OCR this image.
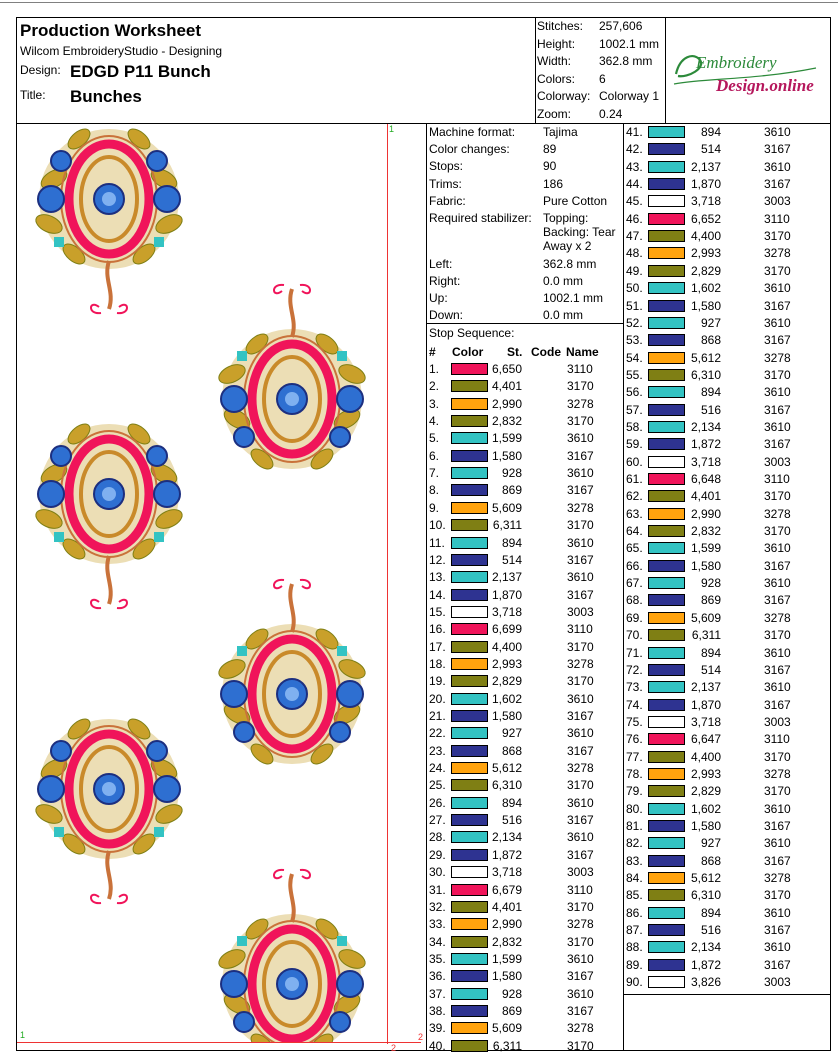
Production Worksheet
Wilcom EmbroideryStudio - Designing
Design: EDGD P11 Bunch
Title: Bunches
Stitches: 257,606
Height: 1002.1 mm
Width: 362.8 mm
Colors: 6
Colorway: Colorway 1
Zoom: 0.24
Embroidery
Design.online
1
1
2
2
Machine format: Tajima
Color changes:	89
Stops:	90
Trims:	186
Fabric:	Pure Cotton
Required stabilizer: Topping:
Backing: Tear Away x 2
Left:	362.8 mm
Right:	0.0 mm
Up:	1002.1 mm
Down:	0.0 mm
Stop Sequence:
# Color St. Code Name
1.	6,650	3110
2.	4,401	3170
3.	2,990	3278
4.	2,832	3170
5.	1,599	3610
6.	1,580	3167
7.	928	3610
8.	869	3167
9.	5,609	3278
10.	6,311	3170
11.	894	3610
12.	514	3167
13.	2,137	3610
14.	1,870	3167
15.	3,718	3003
16.	6,699	3110
17.	4,400	3170
18.	2,993	3278
19.	2,829	3170
20.	1,602	3610
21.	1,580	3167
22.	927	3610
23.	868	3167
24.	5,612	3278
25.	6,310	3170
26.	894	3610
27.	516	3167
28.	2,134	3610
29.	1,872	3167
30.	3,718	3003
31.	6,679	3110
32.	4,401	3170
33.	2,990	3278
34.	2,832	3170
35.	1,599	3610
36.	1,580	3167
37.	928	3610
38.	869	3167
39.	5,609	3278
40.	6,311	3170
41.	894	3610
42.	514	3167
43.	2,137	3610
44.	1,870	3167
45.	3,718	3003
46.	6,652	3110
47.	4,400	3170
48.	2,993	3278
49.	2,829	3170
50.	1,602	3610
51.	1,580	3167
52.	927	3610
53.	868	3167
54.	5,612	3278
55.	6,310	3170
56.	894	3610
57.	516	3167
58.	2,134	3610
59.	1,872	3167
60.	3,718	3003
61.	6,648	3110
62.	4,401	3170
63.	2,990	3278
64.	2,832	3170
65.	1,599	3610
66.	1,580	3167
67.	928	3610
68.	869	3167
69.	5,609	3278
70.	6,311	3170
71.	894	3610
72.	514	3167
73.	2,137	3610
74.	1,870	3167
75.	3,718	3003
76.	6,647	3110
77.	4,400	3170
78.	2,993	3278
79.	2,829	3170
80.	1,602	3610
81.	1,580	3167
82.	927	3610
83.	868	3167
84.	5,612	3278
85.	6,310	3170
86.	894	3610
87.	516	3167
88.	2,134	3610
89.	1,872	3167
90.	3,826	3003
